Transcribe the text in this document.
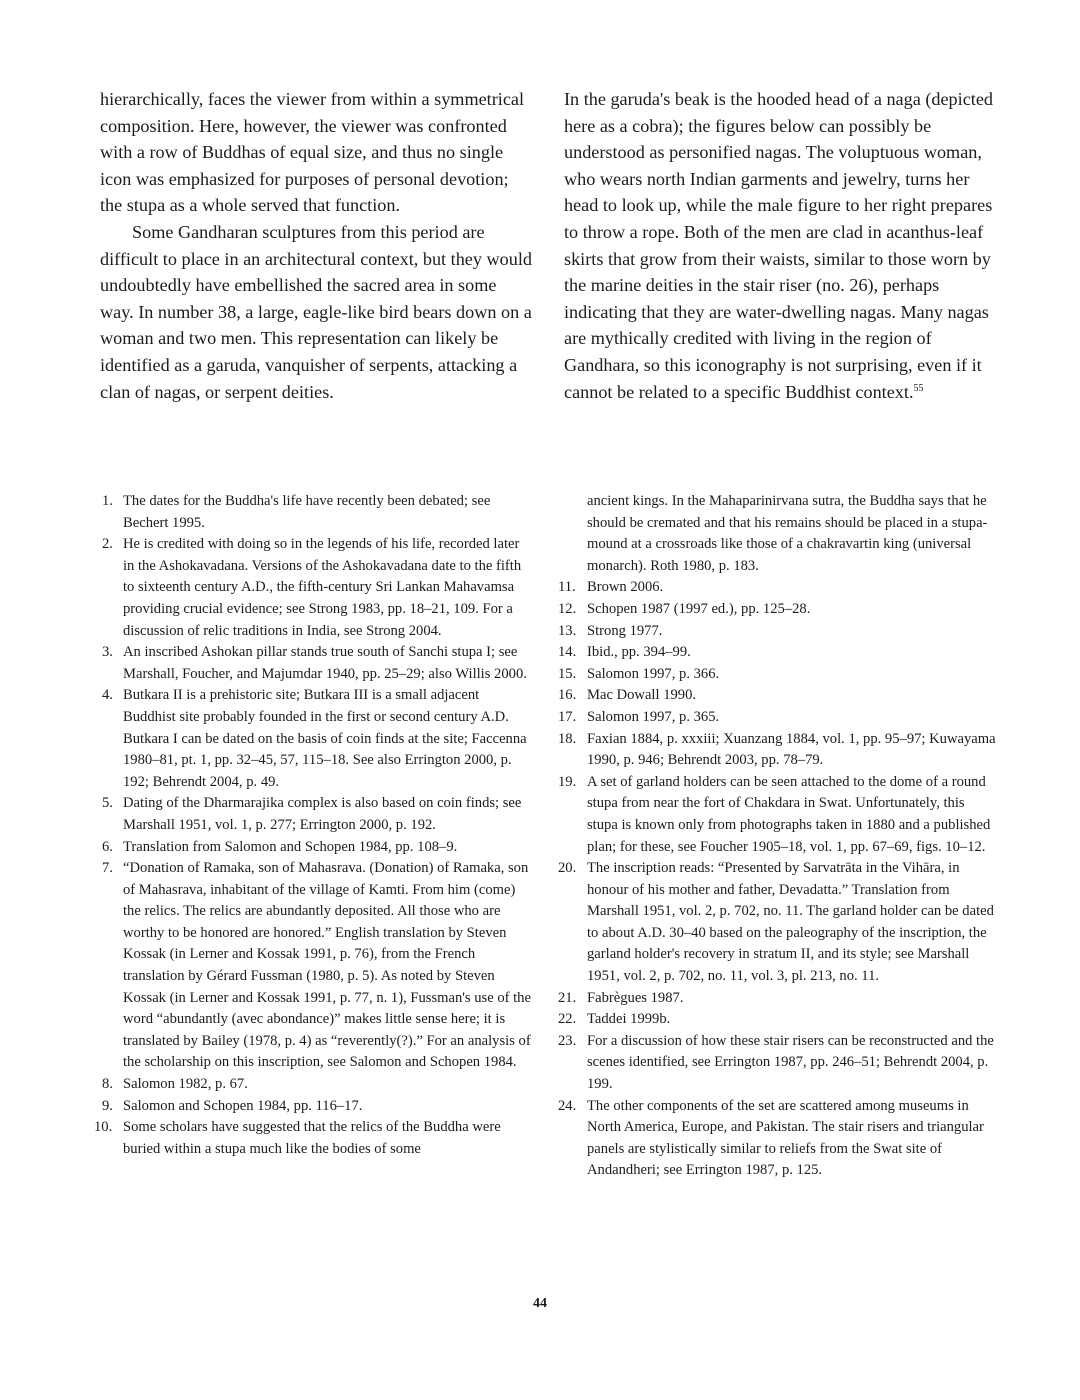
hierarchically, faces the viewer from within a symmetrical composition. Here, however, the viewer was confronted with a row of Buddhas of equal size, and thus no single icon was emphasized for purposes of personal devotion; the stupa as a whole served that function.

Some Gandharan sculptures from this period are difficult to place in an architectural context, but they would undoubtedly have embellished the sacred area in some way. In number 38, a large, eagle-like bird bears down on a woman and two men. This representation can likely be identified as a garuda, vanquisher of serpents, attacking a clan of nagas, or serpent deities.

In the garuda's beak is the hooded head of a naga (depicted here as a cobra); the figures below can possibly be understood as personified nagas. The voluptuous woman, who wears north Indian garments and jewelry, turns her head to look up, while the male figure to her right prepares to throw a rope. Both of the men are clad in acanthus-leaf skirts that grow from their waists, similar to those worn by the marine deities in the stair riser (no. 26), perhaps indicating that they are water-dwelling nagas. Many nagas are mythically credited with living in the region of Gandhara, so this iconography is not surprising, even if it cannot be related to a specific Buddhist context.$^{55}$

1. The dates for the Buddha's life have recently been debated; see Bechert 1995.

2. He is credited with doing so in the legends of his life, recorded later in the Ashokavadana. Versions of the Ashokavadana date to the fifth to sixteenth century A.D., the fifth-century Sri Lankan Mahavamsa providing crucial evidence; see Strong 1983, pp. 18–21, 109. For a discussion of relic traditions in India, see Strong 2004.

3. An inscribed Ashokan pillar stands true south of Sanchi stupa I; see Marshall, Foucher, and Majumdar 1940, pp. 25–29; also Willis 2000.

4. Butkara II is a prehistoric site; Butkara III is a small adjacent Buddhist site probably founded in the first or second century A.D. Butkara I can be dated on the basis of coin finds at the site; Faccenna 1980–81, pt. 1, pp. 32–45, 57, 115–18. See also Errington 2000, p. 192; Behrendt 2004, p. 49.

5. Dating of the Dharmarajika complex is also based on coin finds; see Marshall 1951, vol. 1, p. 277; Errington 2000, p. 192.

6. Translation from Salomon and Schopen 1984, pp. 108–9.

7. “Donation of Ramaka, son of Mahasrava. (Donation) of Ramaka, son of Mahasrava, inhabitant of the village of Kamti. From him (come) the relics. The relics are abundantly deposited. All those who are worthy to be honored are honored.” English translation by Steven Kossak (in Lerner and Kossak 1991, p. 76), from the French translation by Gérard Fussman (1980, p. 5). As noted by Steven Kossak (in Lerner and Kossak 1991, p. 77, n. 1), Fussman's use of the word “abundantly (avec abondance)” makes little sense here; it is translated by Bailey (1978, p. 4) as “reverently(?).” For an analysis of the scholarship on this inscription, see Salomon and Schopen 1984.

8. Salomon 1982, p. 67.

9. Salomon and Schopen 1984, pp. 116–17.

10. Some scholars have suggested that the relics of the Buddha were buried within a stupa much like the bodies of some

ancient kings. In the Mahaparinirvana sutra, the Buddha says that he should be cremated and that his remains should be placed in a stupa-mound at a crossroads like those of a chakravartin king (universal monarch). Roth 1980, p. 183.

11. Brown 2006.

12. Schopen 1987 (1997 ed.), pp. 125–28.

13. Strong 1977.

14. Ibid., pp. 394–99.

15. Salomon 1997, p. 366.

16. Mac Dowall 1990.

17. Salomon 1997, p. 365.

18. Faxian 1884, p. xxxiii; Xuanzang 1884, vol. 1, pp. 95–97; Kuwayama 1990, p. 946; Behrendt 2003, pp. 78–79.

19. A set of garland holders can be seen attached to the dome of a round stupa from near the fort of Chakdara in Swat. Unfortunately, this stupa is known only from photographs taken in 1880 and a published plan; for these, see Foucher 1905–18, vol. 1, pp. 67–69, figs. 10–12.

20. The inscription reads: “Presented by Sarvatrāta in the Vihāra, in honour of his mother and father, Devadatta.” Translation from Marshall 1951, vol. 2, p. 702, no. 11. The garland holder can be dated to about A.D. 30–40 based on the paleography of the inscription, the garland holder's recovery in stratum II, and its style; see Marshall 1951, vol. 2, p. 702, no. 11, vol. 3, pl. 213, no. 11.

21. Fabrègues 1987.

22. Taddei 1999b.

23. For a discussion of how these stair risers can be reconstructed and the scenes identified, see Errington 1987, pp. 246–51; Behrendt 2004, p. 199.

24. The other components of the set are scattered among museums in North America, Europe, and Pakistan. The stair risers and triangular panels are stylistically similar to reliefs from the Swat site of Andandheri; see Errington 1987, p. 125.

44
